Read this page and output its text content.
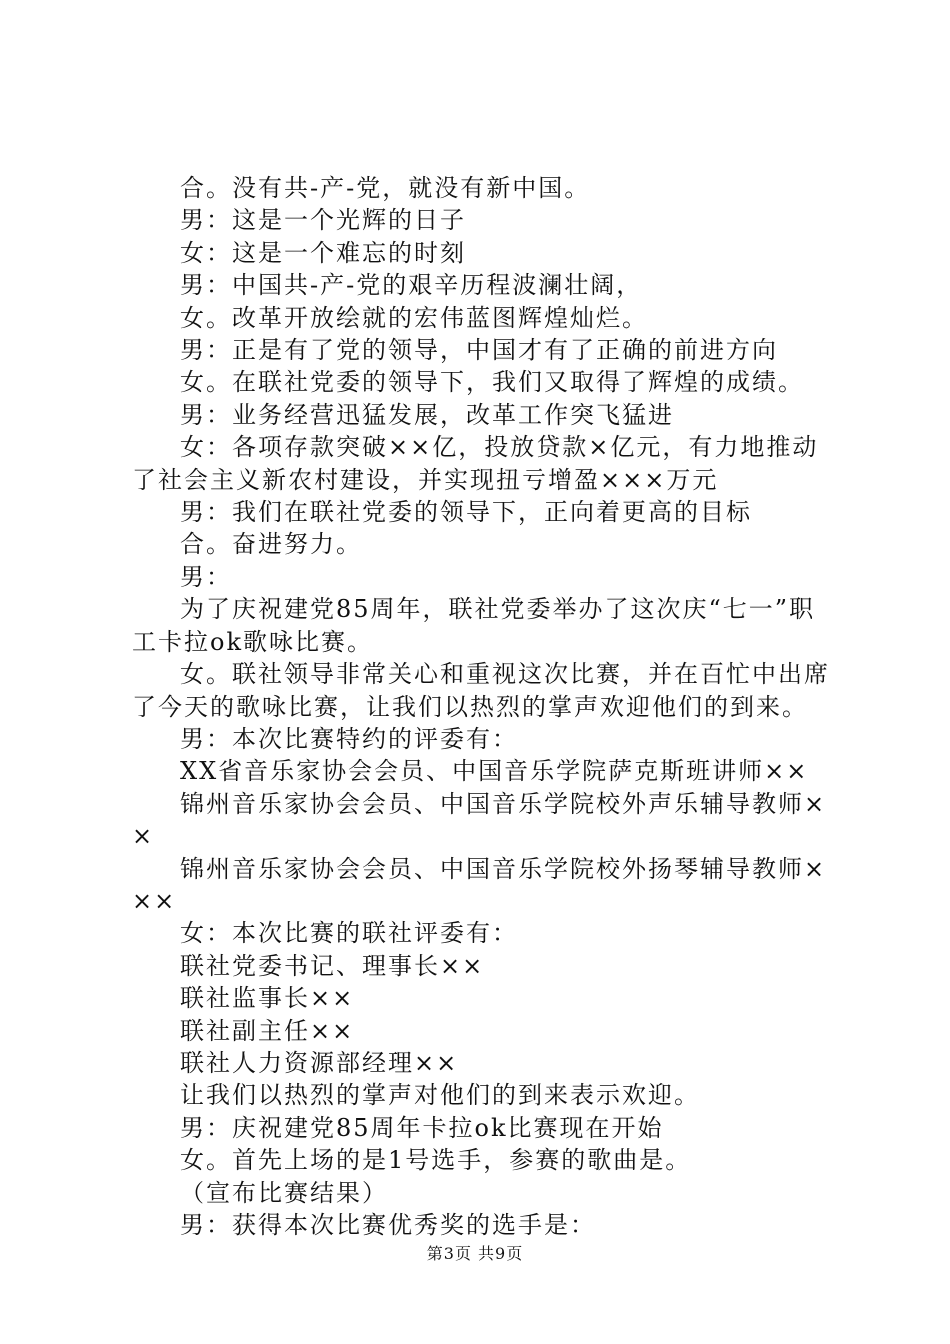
合。没有共-产-党，就没有新中国。

男：这是一个光辉的日子

女：这是一个难忘的时刻

男：中国共-产-党的艰辛历程波澜壮阔，

女。改革开放绘就的宏伟蓝图辉煌灿烂。

男：正是有了党的领导，中国才有了正确的前进方向

女。在联社党委的领导下，我们又取得了辉煌的成绩。

男：业务经营迅猛发展，改革工作突飞猛进

女：各项存款突破××亿，投放贷款×亿元，有力地推动了社会主义新农村建设，并实现扭亏增盈×××万元

男：我们在联社党委的领导下，正向着更高的目标

合。奋进努力。

男：

为了庆祝建党85周年，联社党委举办了这次庆“七一”职工卡拉ok歌咏比赛。

女。联社领导非常关心和重视这次比赛，并在百忙中出席了今天的歌咏比赛，让我们以热烈的掌声欢迎他们的到来。

男：本次比赛特约的评委有：

XX省音乐家协会会员、中国音乐学院萨克斯班讲师××

锦州音乐家协会会员、中国音乐学院校外声乐辅导教师××

锦州音乐家协会会员、中国音乐学院校外扬琴辅导教师×××

女：本次比赛的联社评委有：

联社党委书记、理事长××

联社监事长××

联社副主任××

联社人力资源部经理××

让我们以热烈的掌声对他们的到来表示欢迎。

男：庆祝建党85周年卡拉ok比赛现在开始

女。首先上场的是1号选手，参赛的歌曲是。

（宣布比赛结果）

男：获得本次比赛优秀奖的选手是：

第3页 共9页
